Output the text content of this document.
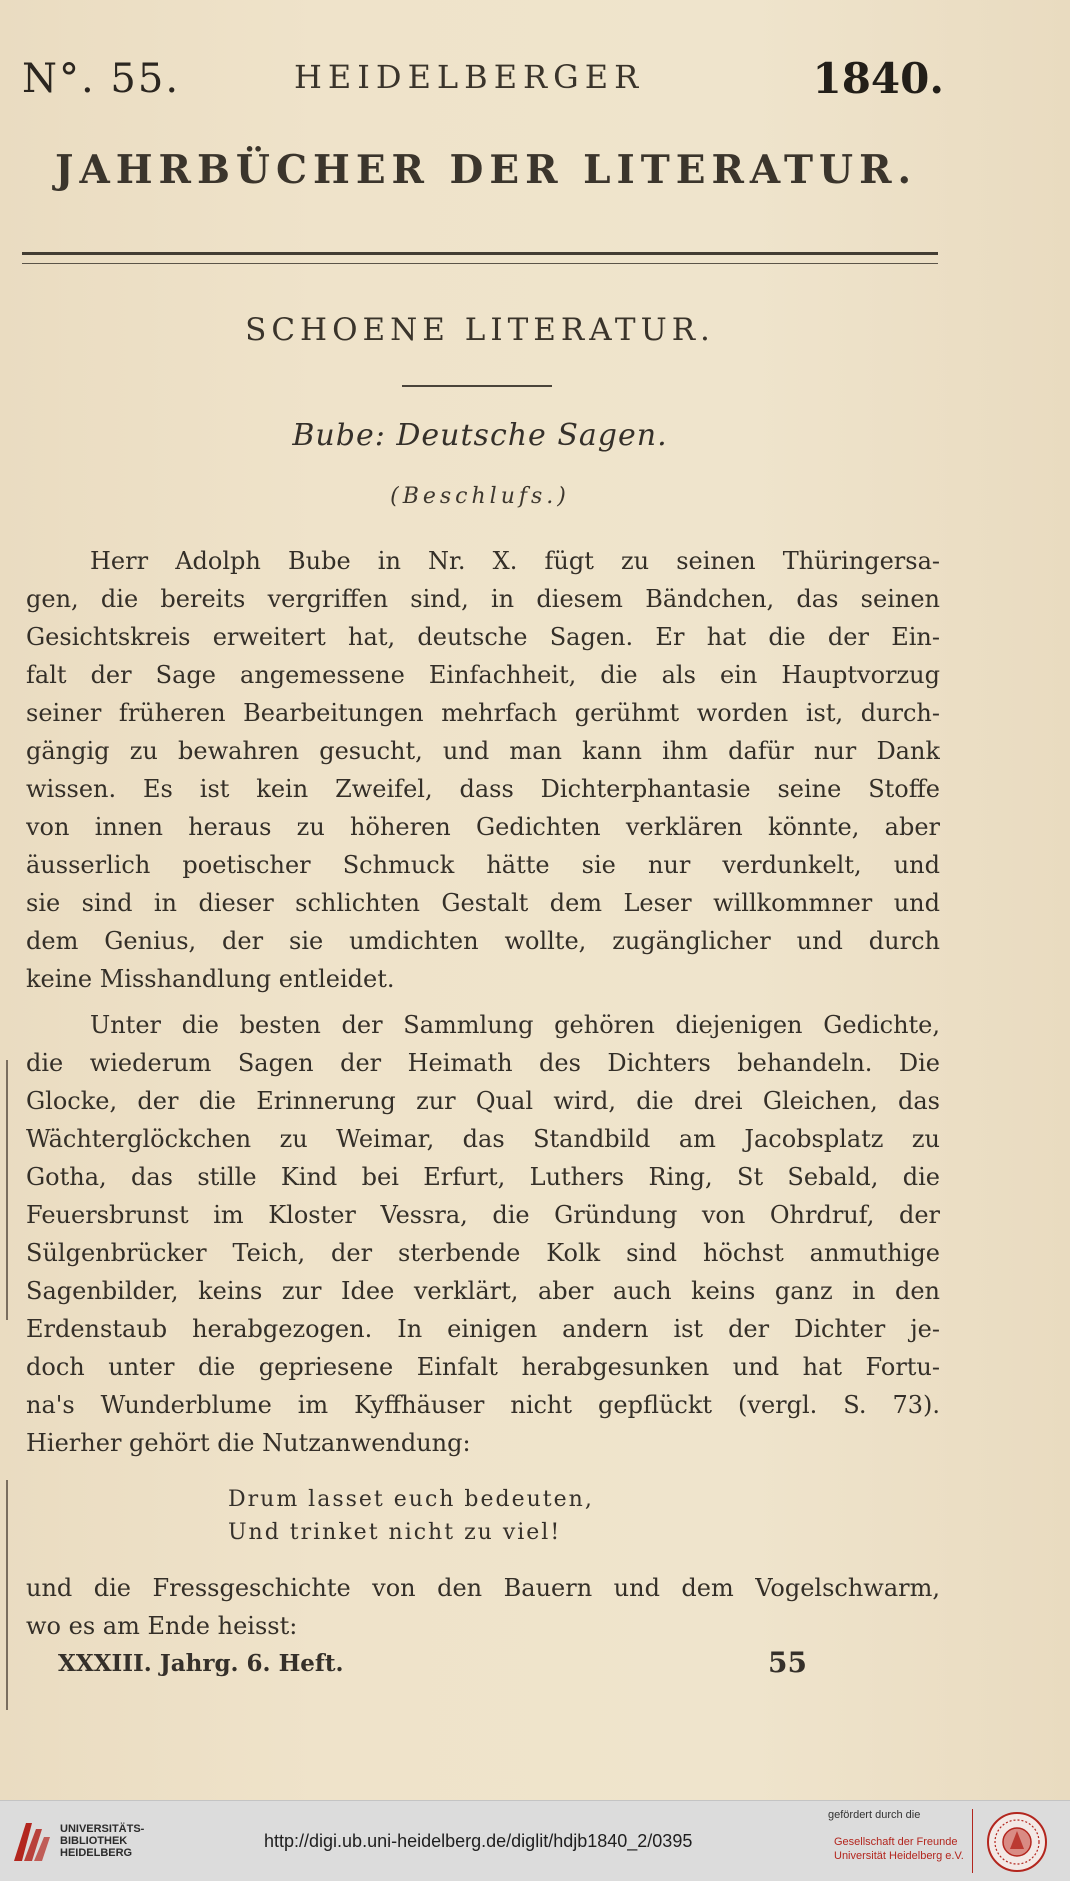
N°. 55.	HEIDELBERGER	1840.
JAHRBÜCHER DER LITERATUR.
SCHOENE LITERATUR.
Bube: Deutsche Sagen.
(Beschlufs.)
Herr Adolph Bube in Nr. X. fügt zu seinen Thüringersa-
gen, die bereits vergriffen sind, in diesem Bändchen, das seinen
Gesichtskreis erweitert hat, deutsche Sagen. Er hat die der Ein-
falt der Sage angemessene Einfachheit, die als ein Hauptvorzug
seiner früheren Bearbeitungen mehrfach gerühmt worden ist, durch-
gängig zu bewahren gesucht, und man kann ihm dafür nur Dank
wissen. Es ist kein Zweifel, dass Dichterphantasie seine Stoffe
von innen heraus zu höheren Gedichten verklären könnte, aber
äusserlich poetischer Schmuck hätte sie nur verdunkelt, und
sie sind in dieser schlichten Gestalt dem Leser willkommner und
dem Genius, der sie umdichten wollte, zugänglicher und durch
keine Misshandlung entleidet.
Unter die besten der Sammlung gehören diejenigen Gedichte,
die wiederum Sagen der Heimath des Dichters behandeln. Die
Glocke, der die Erinnerung zur Qual wird, die drei Gleichen, das
Wächterglöckchen zu Weimar, das Standbild am Jacobsplatz zu
Gotha, das stille Kind bei Erfurt, Luthers Ring, St Sebald, die
Feuersbrunst im Kloster Vessra, die Gründung von Ohrdruf, der
Sülgenbrücker Teich, der sterbende Kolk sind höchst anmuthige
Sagenbilder, keins zur Idee verklärt, aber auch keins ganz in den
Erdenstaub herabgezogen. In einigen andern ist der Dichter je-
doch unter die gepriesene Einfalt herabgesunken und hat Fortu-
na's Wunderblume im Kyffhäuser nicht gepflückt (vergl. S. 73).
Hierher gehört die Nutzanwendung:
Drum lasset euch bedeuten,
Und trinket nicht zu viel!
und die Fressgeschichte von den Bauern und dem Vogelschwarm,
wo es am Ende heisst:
XXXIII. Jahrg. 6. Heft.	55
UNIVERSITÄTS-
BIBLIOTHEK
HEIDELBERG
http://digi.ub.uni-heidelberg.de/diglit/hdjb1840_2/0395
gefördert durch die
Gesellschaft der Freunde
Universität Heidelberg e.V.
